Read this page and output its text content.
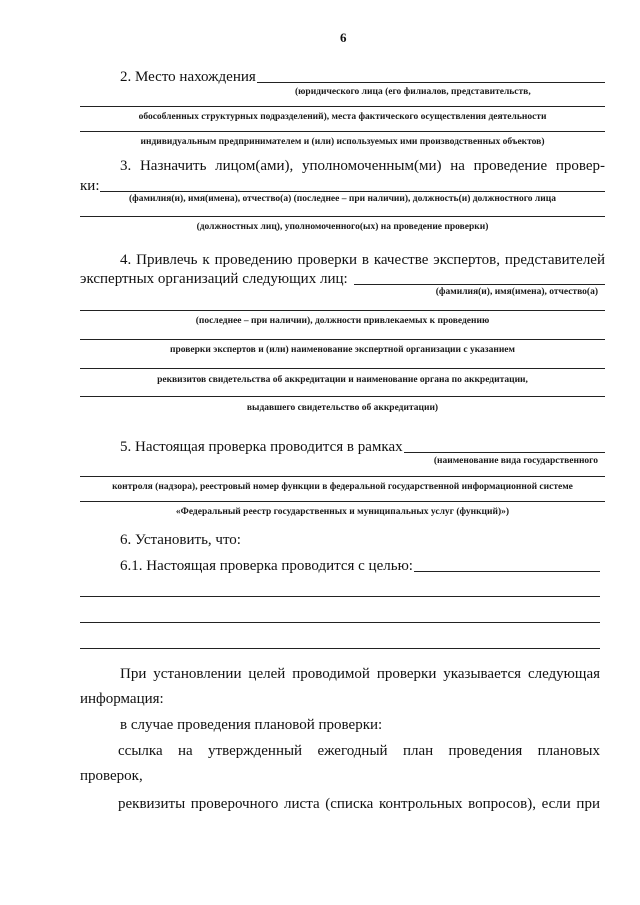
6
2. Место нахождения
(юридического лица (его филиалов, представительств,
обособленных структурных подразделений), места фактического осуществления деятельности
индивидуальным предпринимателем и (или) используемых ими производственных объектов)
3. Назначить лицом(ами), уполномоченным(ми) на проведение провер-
ки:
(фамилия(и), имя(имена), отчество(а) (последнее – при наличии), должность(и) должностного лица
(должностных лиц), уполномоченного(ых) на проведение проверки)
4. Привлечь к проведению проверки в качестве экспертов, представителей
экспертных организаций следующих лиц:
(фамилия(и), имя(имена), отчество(а)
(последнее – при наличии), должности привлекаемых к проведению
проверки экспертов и (или) наименование экспертной организации с указанием
реквизитов свидетельства об аккредитации и наименование органа по аккредитации,
выдавшего свидетельство об аккредитации)
5. Настоящая проверка проводится в рамках
(наименование вида государственного
контроля (надзора), реестровый номер функции в федеральной государственной информационной системе
«Федеральный реестр государственных и муниципальных услуг (функций)»)
6. Установить, что:
6.1. Настоящая проверка проводится с целью:
При установлении целей проводимой проверки указывается следующая
информация:
в случае проведения плановой проверки:
ссылка на утвержденный ежегодный план проведения плановых
проверок,
реквизиты проверочного листа (списка контрольных вопросов), если при
